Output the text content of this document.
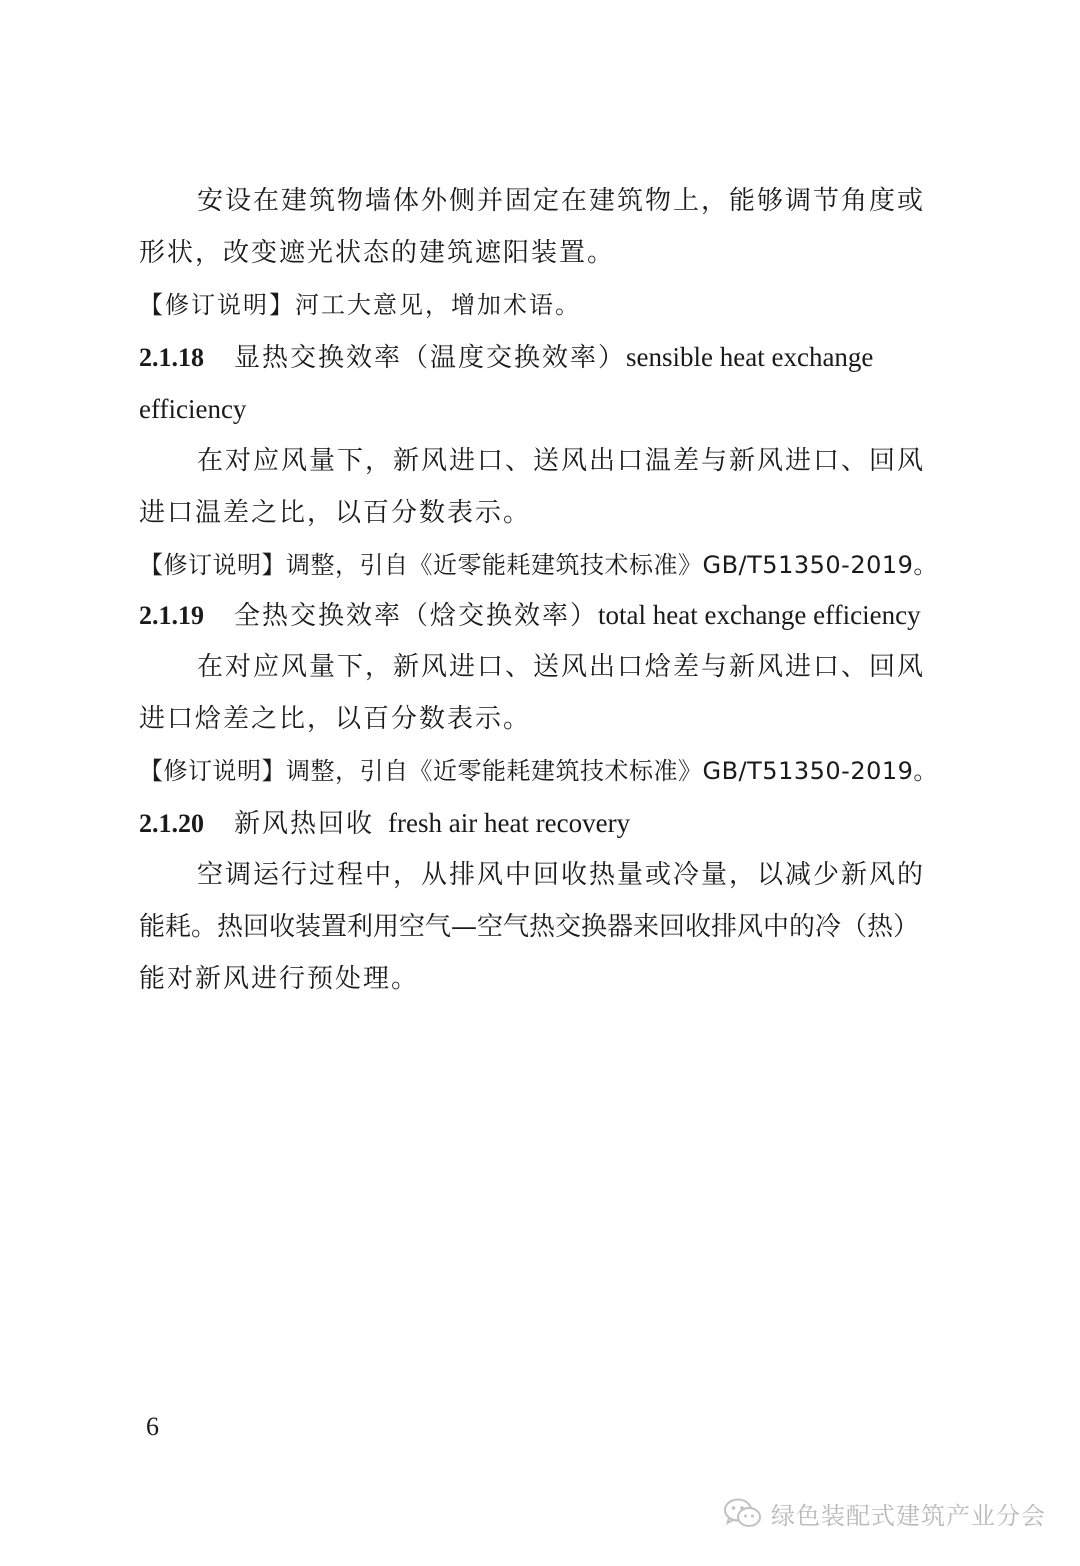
安设在建筑物墙体外侧并固定在建筑物上，能够调节角度或
形状，改变遮光状态的建筑遮阳装置。
【修订说明】河工大意见，增加术语。
2.1.18 显热交换效率（温度交换效率）sensible heat exchange
efficiency
在对应风量下，新风进口、送风出口温差与新风进口、回风
进口温差之比，以百分数表示。
【修订说明】调整，引自《近零能耗建筑技术标准》GB/T51350-2019。
2.1.19 全热交换效率（焓交换效率）total heat exchange efficiency
在对应风量下，新风进口、送风出口焓差与新风进口、回风
进口焓差之比，以百分数表示。
【修订说明】调整，引自《近零能耗建筑技术标准》GB/T51350-2019。
2.1.20 新风热回收 fresh air heat recovery
空调运行过程中，从排风中回收热量或冷量，以减少新风的
能耗。热回收装置利用空气—空气热交换器来回收排风中的冷（热）
能对新风进行预处理。
6
绿色装配式建筑产业分会
